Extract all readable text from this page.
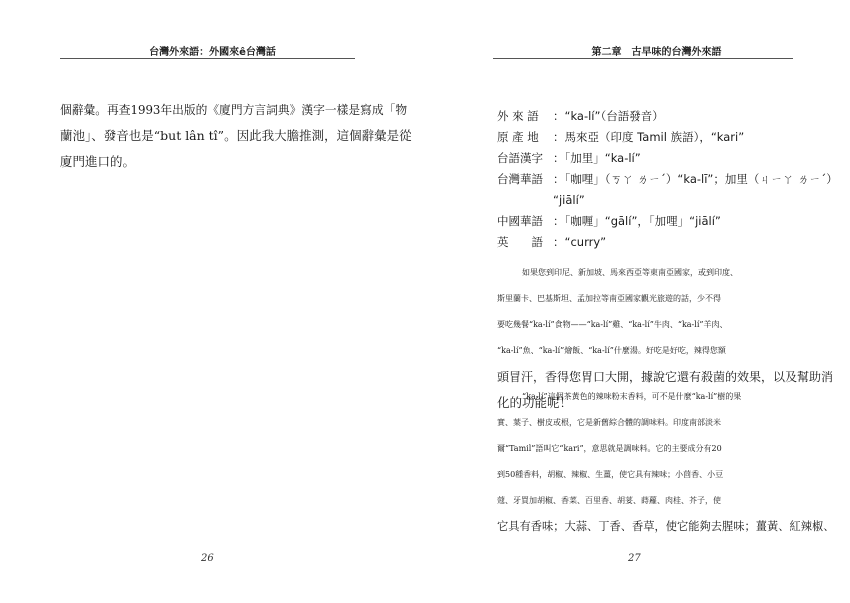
台灣外來語：外國來ê台灣話

個辭彙。再查1993年出版的《廈門方言詞典》漢字一樣是寫成「物
蘭池」、發音也是“but lân tî”。因此我大膽推測，這個辭彙是從
廈門進口的。

26
第二章　古早味的台灣外來語
外 來 語	：“ka-lí”（台語發音）
原 產 地	：馬來亞（印度 Tamil 族語），“kari”
台語漢字 ：「加里」“ka-lí”
台灣華語 ：「咖哩」（ㄎㄚ ㄌㄧˊ）“ka-lī”；加里（ㄐㄧㄚ ㄌㄧˊ）
“jiālí”
中國華語 ：「咖喱」“gālí”，「加哩」“jiālí”
英　　語 ：“curry”

如果您到印尼、新加坡、馬來西亞等東南亞國家，或到印度、
斯里蘭卡、巴基斯坦、孟加拉等南亞國家觀光旅遊的話，少不得
要吃幾餐“ka-lí”食物——“ka-lí”雞、“ka-lí”牛肉、“ka-lí”羊肉、
“ka-lí”魚、“ka-lí”燴飯、“ka-lí”什麼湯。好吃是好吃，辣得您額
頭冒汗，香得您胃口大開，據說它還有殺菌的效果，以及幫助消
化的功能呢！

“ka-lí”這個茶黃色的辣味粉末香料，可不是什麼“ka-lí”樹的果
實、葉子、樹皮或根，它是新舊綜合體的調味料。印度南部淡米
爾“Tamil”語叫它“kari”，意思就是調味料。它的主要成分有20
到50種香料，胡椒、辣椒、生薑，使它具有辣味；小茴香、小豆
蔻、牙買加胡椒、香菜、百里香、胡荽、蒔蘿、肉桂、芥子，使
它具有香味；大蒜、丁香、香草，使它能夠去腥味；薑黃、紅辣椒、

27
